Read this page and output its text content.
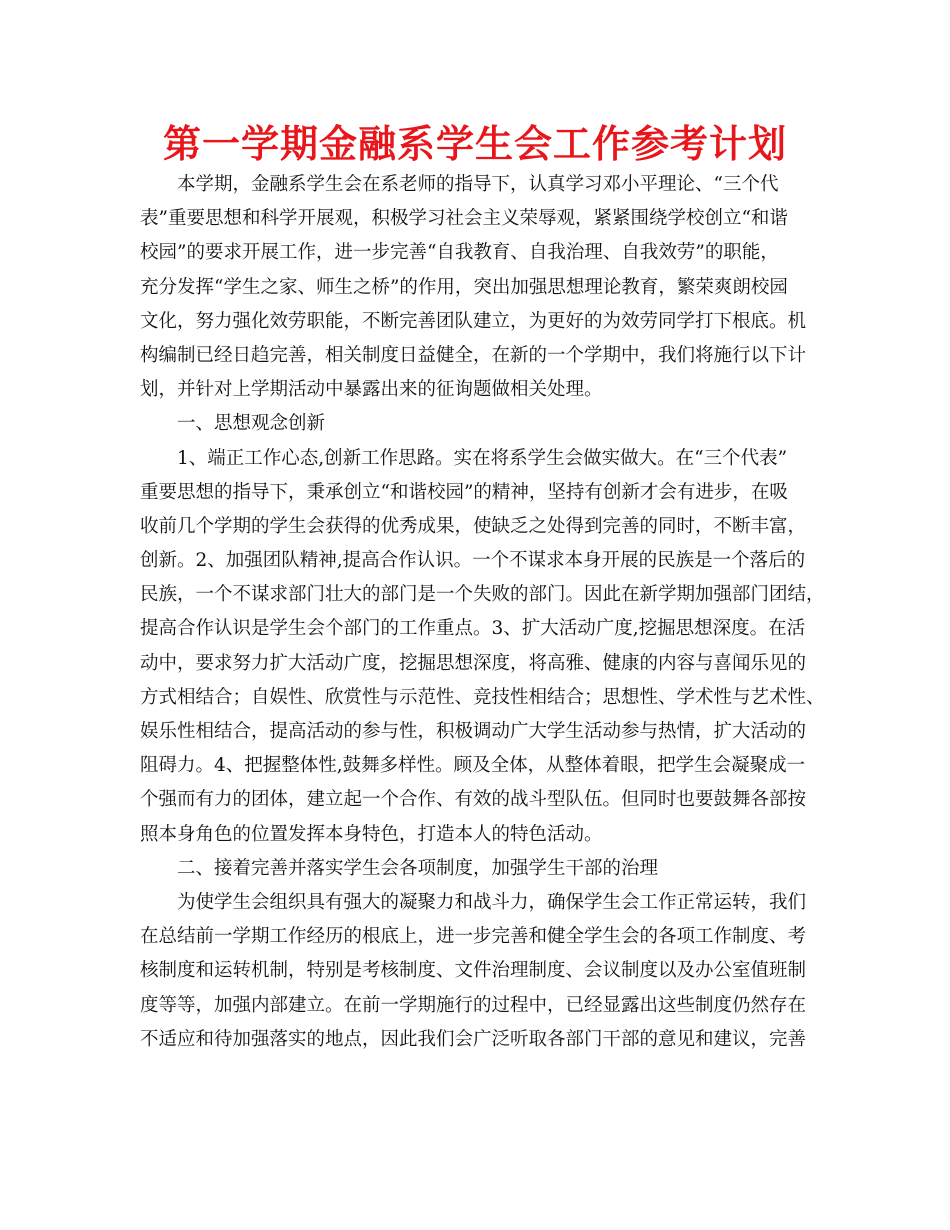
第一学期金融系学生会工作参考计划
本学期，金融系学生会在系老师的指导下，认真学习邓小平理论、“三个代
表”重要思想和科学开展观，积极学习社会主义荣辱观，紧紧围绕学校创立“和谐
校园”的要求开展工作，进一步完善“自我教育、自我治理、自我效劳”的职能，
充分发挥“学生之家、师生之桥”的作用，突出加强思想理论教育，繁荣爽朗校园
文化，努力强化效劳职能，不断完善团队建立，为更好的为效劳同学打下根底。机
构编制已经日趋完善，相关制度日益健全，在新的一个学期中，我们将施行以下计
划，并针对上学期活动中暴露出来的征询题做相关处理。
一、思想观念创新
1、端正工作心态,创新工作思路。实在将系学生会做实做大。在“三个代表”
重要思想的指导下，秉承创立“和谐校园”的精神，坚持有创新才会有进步，在吸
收前几个学期的学生会获得的优秀成果，使缺乏之处得到完善的同时，不断丰富，
创新。2、加强团队精神,提高合作认识。一个不谋求本身开展的民族是一个落后的
民族，一个不谋求部门壮大的部门是一个失败的部门。因此在新学期加强部门团结，
提高合作认识是学生会个部门的工作重点。3、扩大活动广度,挖掘思想深度。在活
动中，要求努力扩大活动广度，挖掘思想深度，将高雅、健康的内容与喜闻乐见的
方式相结合；自娱性、欣赏性与示范性、竞技性相结合；思想性、学术性与艺术性、
娱乐性相结合，提高活动的参与性，积极调动广大学生活动参与热情，扩大活动的
阻碍力。4、把握整体性,鼓舞多样性。顾及全体，从整体着眼，把学生会凝聚成一
个强而有力的团体，建立起一个合作、有效的战斗型队伍。但同时也要鼓舞各部按
照本身角色的位置发挥本身特色，打造本人的特色活动。
二、接着完善并落实学生会各项制度，加强学生干部的治理
为使学生会组织具有强大的凝聚力和战斗力，确保学生会工作正常运转，我们
在总结前一学期工作经历的根底上，进一步完善和健全学生会的各项工作制度、考
核制度和运转机制，特别是考核制度、文件治理制度、会议制度以及办公室值班制
度等等，加强内部建立。在前一学期施行的过程中，已经显露出这些制度仍然存在
不适应和待加强落实的地点，因此我们会广泛听取各部门干部的意见和建议，完善
